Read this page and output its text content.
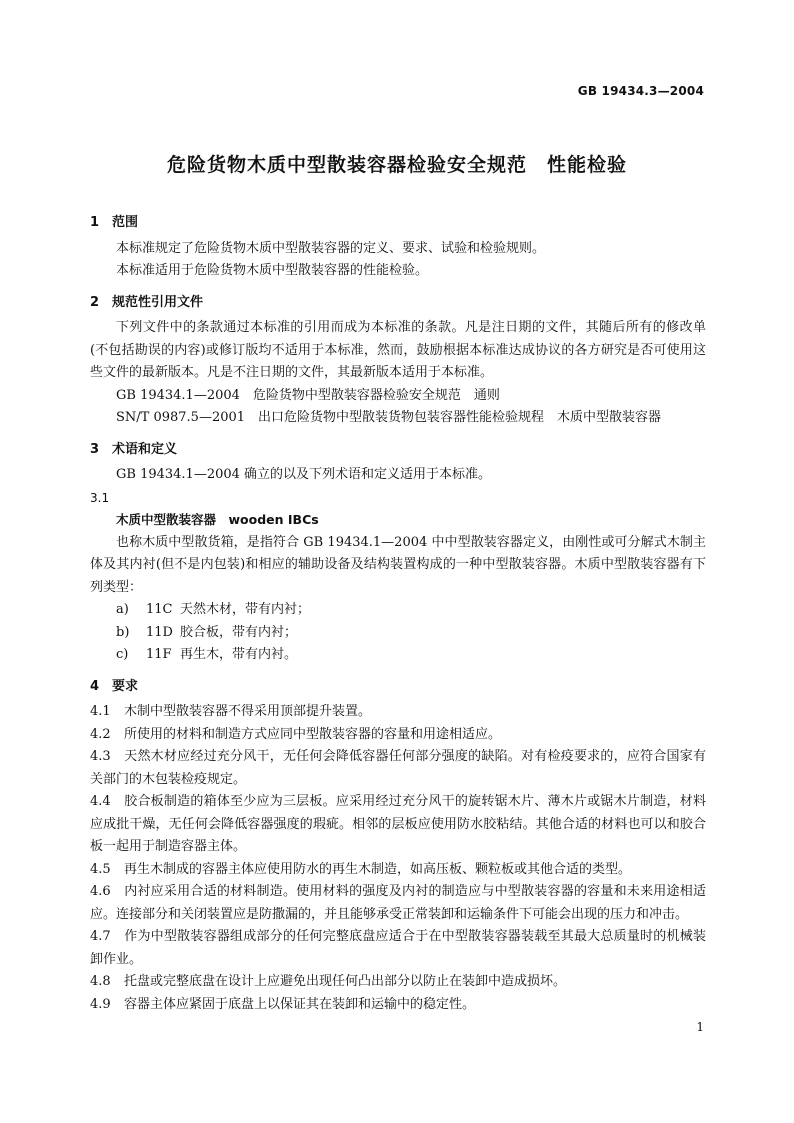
GB 19434.3—2004
危险货物木质中型散装容器检验安全规范　性能检验
1 范围
本标准规定了危险货物木质中型散装容器的定义、要求、试验和检验规则。
本标准适用于危险货物木质中型散装容器的性能检验。
2 规范性引用文件
下列文件中的条款通过本标准的引用而成为本标准的条款。凡是注日期的文件，其随后所有的修改单(不包括勘误的内容)或修订版均不适用于本标准，然而，鼓励根据本标准达成协议的各方研究是否可使用这些文件的最新版本。凡是不注日期的文件，其最新版本适用于本标准。
GB 19434.1—2004　危险货物中型散装容器检验安全规范　通则
SN/T 0987.5—2001　出口危险货物中型散装货物包装容器性能检验规程　木质中型散装容器
3 术语和定义
GB 19434.1—2004 确立的以及下列术语和定义适用于本标准。
3.1
木质中型散装容器　wooden IBCs
也称木质中型散货箱，是指符合 GB 19434.1—2004 中中型散装容器定义，由刚性或可分解式木制主体及其内衬(但不是内包装)和相应的辅助设备及结构装置构成的一种中型散装容器。木质中型散装容器有下列类型：
a) 11C 天然木材，带有内衬；
b) 11D 胶合板，带有内衬；
c) 11F 再生木，带有内衬。
4 要求
4.1 木制中型散装容器不得采用顶部提升装置。
4.2 所使用的材料和制造方式应同中型散装容器的容量和用途相适应。
4.3 天然木材应经过充分风干，无任何会降低容器任何部分强度的缺陷。对有检疫要求的，应符合国家有关部门的木包装检疫规定。
4.4 胶合板制造的箱体至少应为三层板。应采用经过充分风干的旋转锯木片、薄木片或锯木片制造，材料应成批干燥，无任何会降低容器强度的瑕疵。相邻的层板应使用防水胶粘结。其他合适的材料也可以和胶合板一起用于制造容器主体。
4.5 再生木制成的容器主体应使用防水的再生木制造，如高压板、颗粒板或其他合适的类型。
4.6 内衬应采用合适的材料制造。使用材料的强度及内衬的制造应与中型散装容器的容量和未来用途相适应。连接部分和关闭装置应是防撒漏的，并且能够承受正常装卸和运输条件下可能会出现的压力和冲击。
4.7 作为中型散装容器组成部分的任何完整底盘应适合于在中型散装容器装载至其最大总质量时的机械装卸作业。
4.8 托盘或完整底盘在设计上应避免出现任何凸出部分以防止在装卸中造成损坏。
4.9 容器主体应紧固于底盘上以保证其在装卸和运输中的稳定性。
1
